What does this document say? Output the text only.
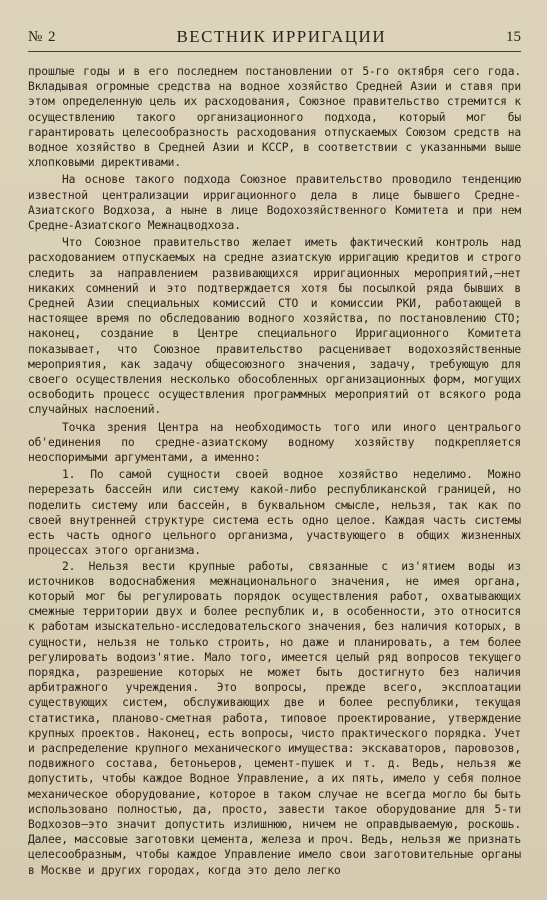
№ 2	ВЕСТНИК ИРРИГАЦИИ	15

прошлые годы и в его последнем постановлении от 5-го октября сего года. Вкладывая огромные средства на водное хозяйство Средней Азии и ставя при этом определенную цель их расходования, Союзное правительство стремится к осуществлению такого организационного подхода, который мог бы гарантировать целесообразность расходования отпускаемых Союзом средств на водное хозяйство в Средней Азии и КССР, в соответствии с указанными выше хлопковыми директивами.

На основе такого подхода Союзное правительство проводило тенденцию известной централизации ирригационного дела в лице бывшего Средне-Азиатского Водхоза, а ныне в лице Водохозяйственного Комитета и при нем Средне-Азиатского Межнацводхоза.

Что Союзное правительство желает иметь фактический контроль над расходованием отпускаемых на средне азиатскую ирригацию кредитов и строго следить за направлением развивающихся ирригационных мероприятий,—нет никаких сомнений и это подтверждается хотя бы посылкой ряда бывших в Средней Азии специальных комиссий СТО и комиссии РКИ, работающей в настоящее время по обследованию водного хозяйства, по постановлению СТО; наконец, создание в Центре специального Ирригационного Комитета показывает, что Союзное правительство расценивает водохозяйственные мероприятия, как задачу общесоюзного значения, задачу, требующую для своего осуществления несколько обособленных организационных форм, могущих освободить процесс осуществления программных мероприятий от всякого рода случайных наслоений.

Точка зрения Центра на необходимость того или иного централього об'единения по средне-азиатскому водному хозяйству подкрепляется неоспоримыми аргументами, а именно:

1. По самой сущности своей водное хозяйство неделимо. Можно перерезать бассейн или систему какой-либо республиканской границей, но поделить систему или бассейн, в буквальном смысле, нельзя, так как по своей внутренней структуре системa есть одно целое. Каждая часть системы есть часть одного цельного организма, участвующего в общих жизненных процессах этого организма.

2. Нельзя вести крупные работы, связанные с из'ятием воды из источников водоснабжения межнационального значения, не имея органа, который мог бы регулировать порядок осуществления работ, охватывающих смежные территории двух и более республик и, в особенности, это относится к работам изыскательно-исследовательского значения, без наличия которых, в сущности, нельзя не только строить, но даже и планировать, а тем более регулировать водоиз'ятие. Мало того, имеется целый ряд вопросов текущего порядка, разрешение которых не может быть достигнуто без наличия арбитражного учреждения. Это вопросы, прежде всего, эксплоатации существующих систем, обслуживающих две и более республики, текущая статистика, планово-сметная работа, типовое проектирование, утверждение крупных проектов. Наконец, есть вопросы, чисто практического порядка. Учет и распределение крупного механического имущества: экскаваторов, паровозов, подвижного состава, бетоньеров, цемент-пушек и т. д. Ведь, нельзя же допустить, чтобы каждое Водное Управление, а их пять, имело у себя полное механическое оборудование, которое в таком случае не всегда могло бы быть использовано полностью, да, просто, завести такое оборудование для 5-ти Водхозов—это значит допустить излишнюю, ничем не оправдываемую, роскошь. Далее, массовые заготовки цемента, железа и проч. Ведь, нельзя же признать целесообразным, чтобы каждое Управление имело свои заготовительные органы в Москве и других городах, когда это дело легко
